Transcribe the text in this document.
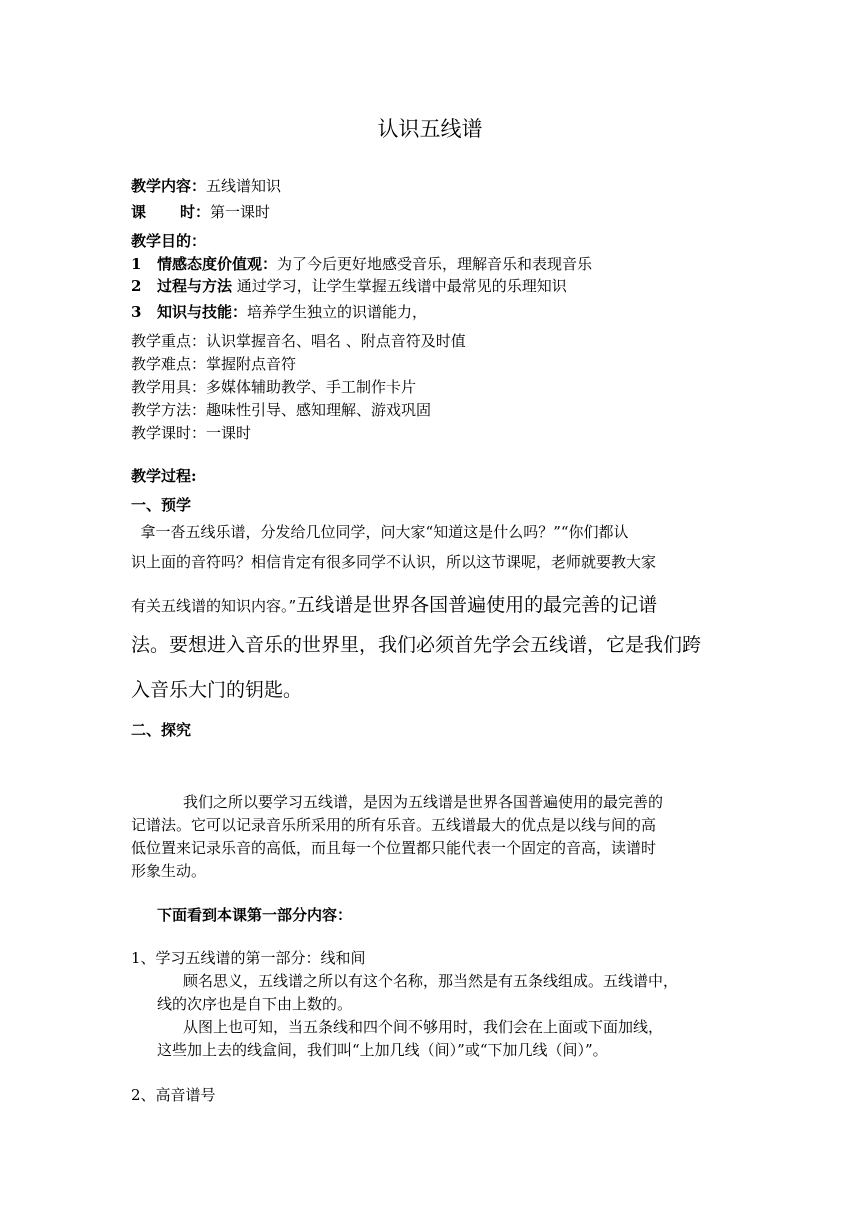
认识五线谱
教学内容：五线谱知识
课 时：第一课时
教学目的：
1 情感态度价值观：为了今后更好地感受音乐，理解音乐和表现音乐
2 过程与方法 通过学习，让学生掌握五线谱中最常见的乐理知识
3 知识与技能：培养学生独立的识谱能力，
教学重点：认识掌握音名、唱名 、附点音符及时值
教学难点：掌握附点音符
教学用具：多媒体辅助教学、手工制作卡片
教学方法：趣味性引导、感知理解、游戏巩固
教学课时：一课时
教学过程:
一、预学
拿一沓五线乐谱，分发给几位同学，问大家“知道这是什么吗？”“你们都认
识上面的音符吗？相信肯定有很多同学不认识，所以这节课呢，老师就要教大家
有关五线谱的知识内容。”五线谱是世界各国普遍使用的最完善的记谱
法。要想进入音乐的世界里，我们必须首先学会五线谱，它是我们跨
入音乐大门的钥匙。
二、探究
我们之所以要学习五线谱，是因为五线谱是世界各国普遍使用的最完善的
记谱法。它可以记录音乐所采用的所有乐音。五线谱最大的优点是以线与间的高
低位置来记录乐音的高低，而且每一个位置都只能代表一个固定的音高，读谱时
形象生动。
下面看到本课第一部分内容：
1、学习五线谱的第一部分：线和间
顾名思义，五线谱之所以有这个名称，那当然是有五条线组成。五线谱中，
线的次序也是自下由上数的。
从图上也可知，当五条线和四个间不够用时，我们会在上面或下面加线，
这些加上去的线盒间，我们叫“上加几线（间）”或“下加几线（间）”。
2、高音谱号
